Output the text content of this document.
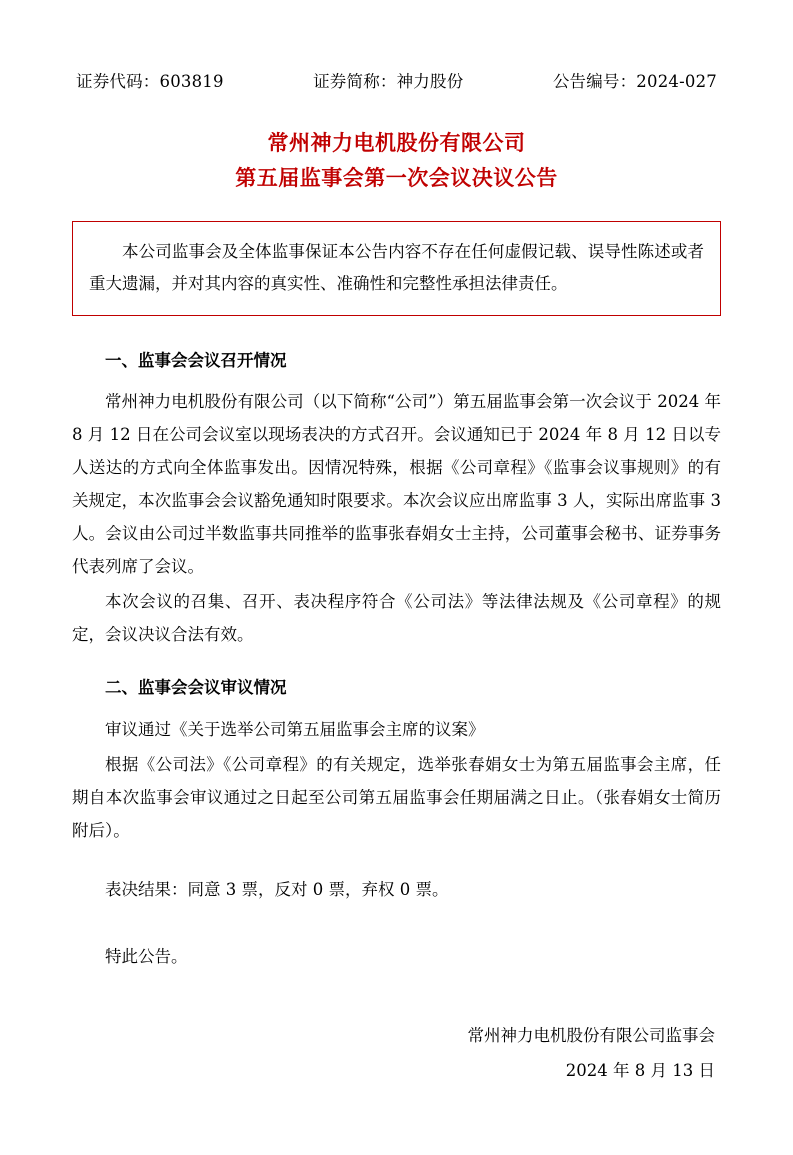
证券代码：603819	证券简称：神力股份	公告编号：2024-027
常州神力电机股份有限公司
第五届监事会第一次会议决议公告

本公司监事会及全体监事保证本公告内容不存在任何虚假记载、误导性陈述或者重大遗漏，并对其内容的真实性、准确性和完整性承担法律责任。

一、监事会会议召开情况

常州神力电机股份有限公司（以下简称“公司”）第五届监事会第一次会议于 2024 年 8 月 12 日在公司会议室以现场表决的方式召开。会议通知已于 2024 年 8 月 12 日以专人送达的方式向全体监事发出。因情况特殊，根据《公司章程》《监事会议事规则》的有关规定，本次监事会会议豁免通知时限要求。本次会议应出席监事 3 人，实际出席监事 3 人。会议由公司过半数监事共同推举的监事张春娟女士主持，公司董事会秘书、证券事务代表列席了会议。

本次会议的召集、召开、表决程序符合《公司法》等法律法规及《公司章程》的规定，会议决议合法有效。

二、监事会会议审议情况

审议通过《关于选举公司第五届监事会主席的议案》

根据《公司法》《公司章程》的有关规定，选举张春娟女士为第五届监事会主席，任期自本次监事会审议通过之日起至公司第五届监事会任期届满之日止。（张春娟女士简历附后）。

表决结果：同意 3 票，反对 0 票，弃权 0 票。

特此公告。

常州神力电机股份有限公司监事会
2024 年 8 月 13 日
